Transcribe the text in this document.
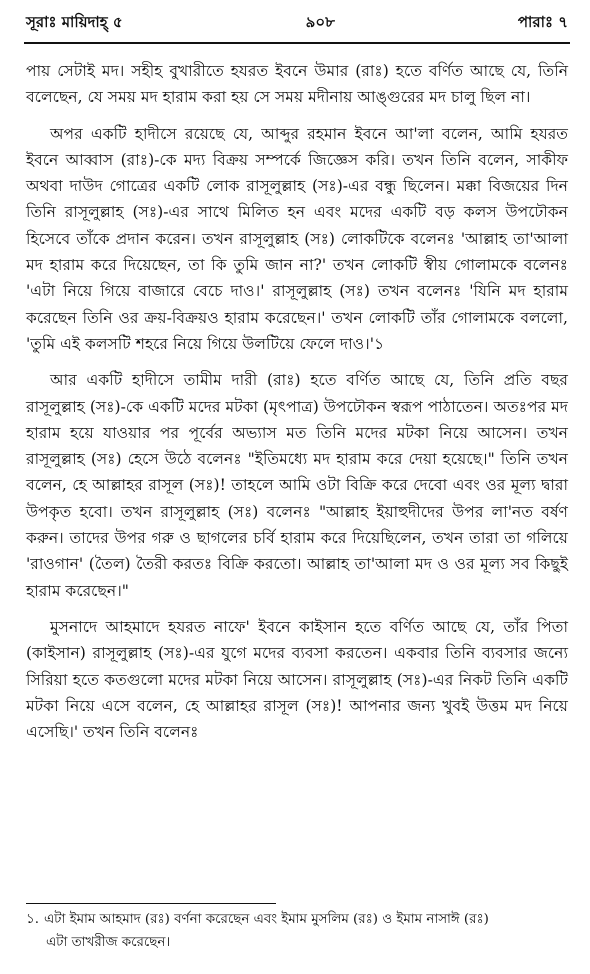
সূরাঃ মায়িদাহ্ ৫	৯০৮	পারাঃ ৭

পায় সেটাই মদ। সহীহ বুখারীতে হযরত ইবনে উমার (রাঃ) হতে বর্ণিত আছে যে, তিনি বলেছেন, যে সময় মদ হারাম করা হয় সে সময় মদীনায় আঙ্গুরের মদ চালু ছিল না।

অপর একটি হাদীসে রয়েছে যে, আব্দুর রহমান ইবনে আ'লা বলেন, আমি হযরত ইবনে আব্বাস (রাঃ)-কে মদ্য বিক্রয় সম্পর্কে জিজ্ঞেস করি। তখন তিনি বলেন, সাকীফ অথবা দাউদ গোত্রের একটি লোক রাসূলুল্লাহ (সঃ)-এর বন্ধু ছিলেন। মক্কা বিজয়ের দিন তিনি রাসূলুল্লাহ (সঃ)-এর সাথে মিলিত হন এবং মদের একটি বড় কলস উপঢৌকন হিসেবে তাঁকে প্রদান করেন। তখন রাসূলুল্লাহ (সঃ) লোকটিকে বলেনঃ 'আল্লাহ তা'আলা মদ হারাম করে দিয়েছেন, তা কি তুমি জান না?' তখন লোকটি স্বীয় গোলামকে বলেনঃ 'এটা নিয়ে গিয়ে বাজারে বেচে দাও।' রাসূলুল্লাহ (সঃ) তখন বলেনঃ 'যিনি মদ হারাম করেছেন তিনি ওর ক্রয়-বিক্রয়ও হারাম করেছেন।' তখন লোকটি তাঁর গোলামকে বললো, 'তুমি এই কলসটি শহরে নিয়ে গিয়ে উলটিয়ে ফেলে দাও।'১

আর একটি হাদীসে তামীম দারী (রাঃ) হতে বর্ণিত আছে যে, তিনি প্রতি বছর রাসূলুল্লাহ (সঃ)-কে একটি মদের মটকা (মৃৎপাত্র) উপঢৌকন স্বরূপ পাঠাতেন। অতঃপর মদ হারাম হয়ে যাওয়ার পর পূর্বের অভ্যাস মত তিনি মদের মটকা নিয়ে আসেন। তখন রাসূলুল্লাহ (সঃ) হেসে উঠে বলেনঃ "ইতিমধ্যে মদ হারাম করে দেয়া হয়েছে।" তিনি তখন বলেন, হে আল্লাহর রাসূল (সঃ)! তাহলে আমি ওটা বিক্রি করে দেবো এবং ওর মূল্য দ্বারা উপকৃত হবো। তখন রাসূলুল্লাহ (সঃ) বলেনঃ "আল্লাহ ইয়াহুদীদের উপর লা'নত বর্ষণ করুন। তাদের উপর গরু ও ছাগলের চর্বি হারাম করে দিয়েছিলেন, তখন তারা তা গলিয়ে 'রাওগান' (তৈল) তৈরী করতঃ বিক্রি করতো। আল্লাহ তা'আলা মদ ও ওর মূল্য সব কিছুই হারাম করেছেন।"

মুসনাদে আহমাদে হযরত নাফে' ইবনে কাইসান হতে বর্ণিত আছে যে, তাঁর পিতা (কাইসান) রাসূলুল্লাহ (সঃ)-এর যুগে মদের ব্যবসা করতেন। একবার তিনি ব্যবসার জন্যে সিরিয়া হতে কতগুলো মদের মটকা নিয়ে আসেন। রাসূলুল্লাহ (সঃ)-এর নিকট তিনি একটি মটকা নিয়ে এসে বলেন, হে আল্লাহর রাসূল (সঃ)! আপনার জন্য খুবই উত্তম মদ নিয়ে এসেছি।' তখন তিনি বলেনঃ

১. এটা ইমাম আহমাদ (রঃ) বর্ণনা করেছেন এবং ইমাম মুসলিম (রঃ) ও ইমাম নাসাঈ (রঃ)
এটা তাখরীজ করেছেন।
